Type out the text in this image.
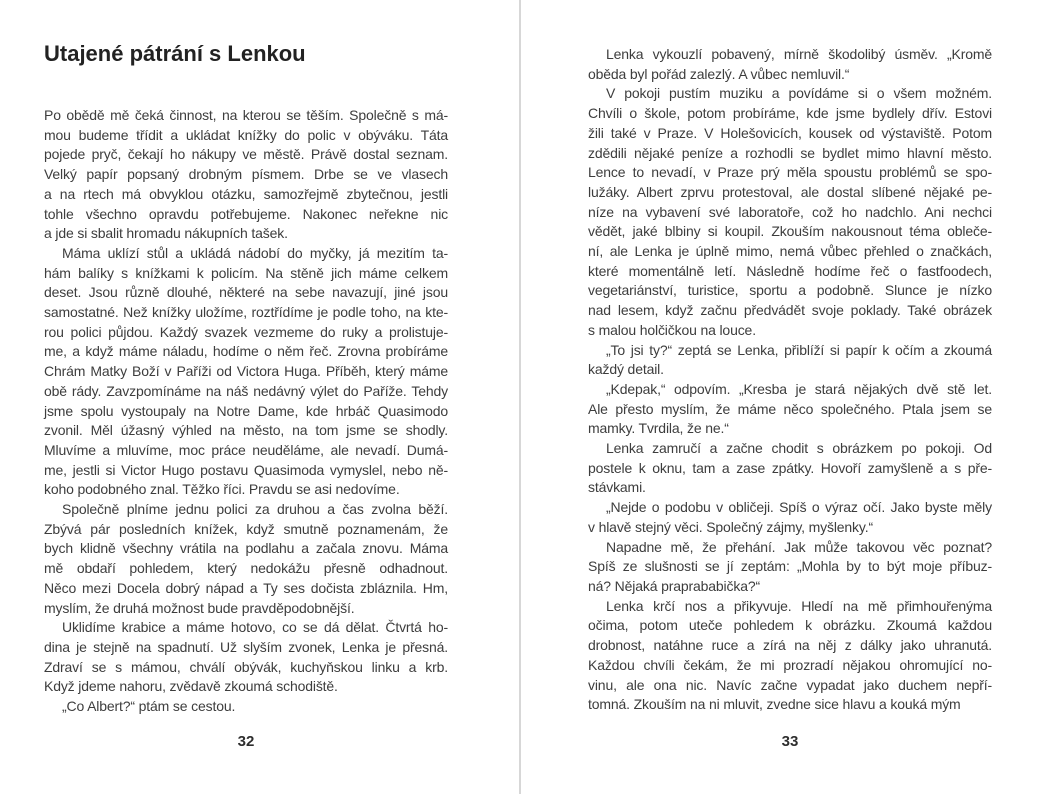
Utajené pátrání s Lenkou

Po obědě mě čeká činnost, na kterou se těším. Společně s má-
mou budeme třídit a ukládat knížky do polic v obýváku. Táta
pojede pryč, čekají ho nákupy ve městě. Právě dostal seznam.
Velký papír popsaný drobným písmem. Drbe se ve vlasech
a na rtech má obvyklou otázku, samozřejmě zbytečnou, jestli
tohle všechno opravdu potřebujeme. Nakonec neřekne nic
a jde si sbalit hromadu nákupních tašek.

Máma uklízí stůl a ukládá nádobí do myčky, já mezitím ta-
hám balíky s knížkami k policím. Na stěně jich máme celkem
deset. Jsou různě dlouhé, některé na sebe navazují, jiné jsou
samostatné. Než knížky uložíme, roztřídíme je podle toho, na kte-
rou polici půjdou. Každý svazek vezmeme do ruky a prolistuje-
me, a když máme náladu, hodíme o něm řeč. Zrovna probíráme
Chrám Matky Boží v Paříži od Victora Huga. Příběh, který máme
obě rády. Zavzpomínáme na náš nedávný výlet do Paříže. Tehdy
jsme spolu vystoupaly na Notre Dame, kde hrbáč Quasimodo
zvonil. Měl úžasný výhled na město, na tom jsme se shodly.
Mluvíme a mluvíme, moc práce neuděláme, ale nevadí. Dumá-
me, jestli si Victor Hugo postavu Quasimoda vymyslel, nebo ně-
koho podobného znal. Těžko říci. Pravdu se asi nedovíme.

Společně plníme jednu polici za druhou a čas zvolna běží.
Zbývá pár posledních knížek, když smutně poznamenám, že
bych klidně všechny vrátila na podlahu a začala znovu. Máma
mě obdaří pohledem, který nedokážu přesně odhadnout.
Něco mezi Docela dobrý nápad a Ty ses dočista zbláznila. Hm,
myslím, že druhá možnost bude pravděpodobnější.

Uklidíme krabice a máme hotovo, co se dá dělat. Čtvrtá ho-
dina je stejně na spadnutí. Už slyším zvonek, Lenka je přesná.
Zdraví se s mámou, chválí obývák, kuchyňskou linku a krb.
Když jdeme nahoru, zvědavě zkoumá schodiště.

„Co Albert?“ ptám se cestou.

32

Lenka vykouzlí pobavený, mírně škodolibý úsměv. „Kromě
oběda byl pořád zalezlý. A vůbec nemluvil.“

V pokoji pustím muziku a povídáme si o všem možném.
Chvíli o škole, potom probíráme, kde jsme bydlely dřív. Estovi
žili také v Praze. V Holešovicích, kousek od výstaviště. Potom
zdědili nějaké peníze a rozhodli se bydlet mimo hlavní město.
Lence to nevadí, v Praze prý měla spoustu problémů se spo-
lužáky. Albert zprvu protestoval, ale dostal slíbené nějaké pe-
níze na vybavení své laboratoře, což ho nadchlo. Ani nechci
vědět, jaké blbiny si koupil. Zkouším nakousnout téma obleče-
ní, ale Lenka je úplně mimo, nemá vůbec přehled o značkách,
které momentálně letí. Následně hodíme řeč o fastfoodech,
vegetariánství, turistice, sportu a podobně. Slunce je nízko
nad lesem, když začnu předvádět svoje poklady. Také obrázek
s malou holčičkou na louce.

„To jsi ty?“ zeptá se Lenka, přiblíží si papír k očím a zkoumá
každý detail.

„Kdepak,“ odpovím. „Kresba je stará nějakých dvě stě let.
Ale přesto myslím, že máme něco společného. Ptala jsem se
mamky. Tvrdila, že ne.“

Lenka zamručí a začne chodit s obrázkem po pokoji. Od
postele k oknu, tam a zase zpátky. Hovoří zamyšleně a s pře-
stávkami.

„Nejde o podobu v obličeji. Spíš o výraz očí. Jako byste měly
v hlavě stejný věci. Společný zájmy, myšlenky.“

Napadne mě, že přehání. Jak může takovou věc poznat?
Spíš ze slušnosti se jí zeptám: „Mohla by to být moje příbuz-
ná? Nějaká praprababička?“

Lenka krčí nos a přikyvuje. Hledí na mě přimhouřenýma
očima, potom uteče pohledem k obrázku. Zkoumá každou
drobnost, natáhne ruce a zírá na něj z dálky jako uhranutá.
Každou chvíli čekám, že mi prozradí nějakou ohromující no-
vinu, ale ona nic. Navíc začne vypadat jako duchem nepří-
tomná. Zkouším na ni mluvit, zvedne sice hlavu a kouká mým

33
